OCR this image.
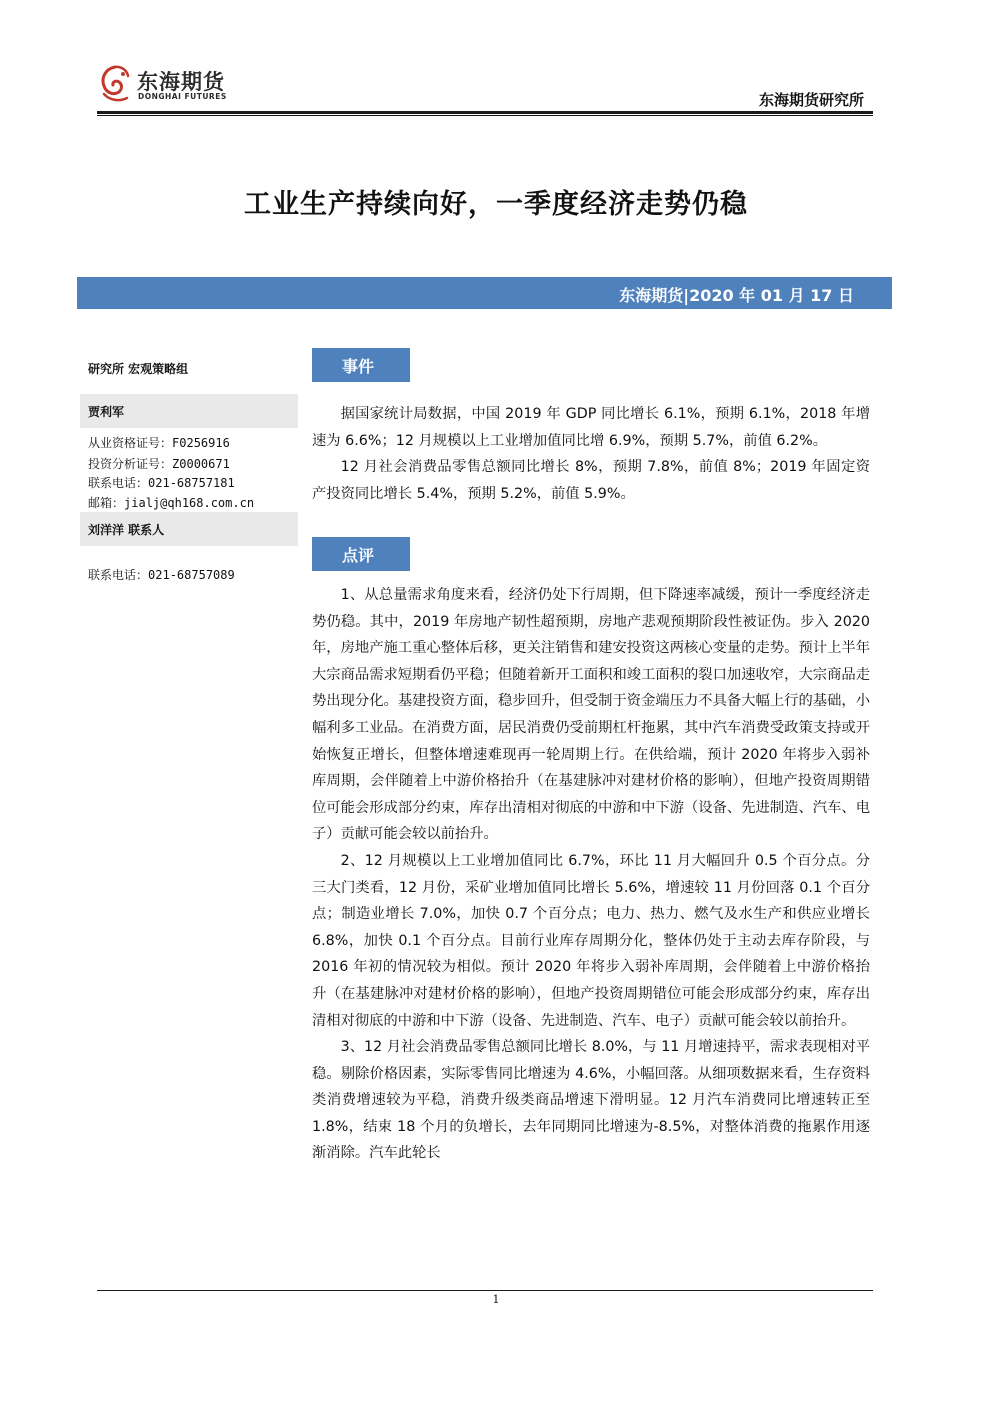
东海期货
DONGHAI FUTURES	东海期货研究所
工业生产持续向好，一季度经济走势仍稳
东海期货|2020 年 01 月 17 日
研究所 宏观策略组
贾利军
从业资格证号：F0256916
投资分析证号：Z0000671
联系电话：021-68757181
邮箱：jialj@qh168.com.cn
刘洋洋 联系人
联系电话：021-68757089
事件

据国家统计局数据，中国 2019 年 GDP 同比增长 6.1%，预期 6.1%，2018 年增速为 6.6%；12 月规模以上工业增加值同比增 6.9%，预期 5.7%，前值 6.2%。

12 月社会消费品零售总额同比增长 8%，预期 7.8%，前值 8%；2019 年固定资产投资同比增长 5.4%，预期 5.2%，前值 5.9%。

点评

1、从总量需求角度来看，经济仍处下行周期，但下降速率减缓，预计一季度经济走势仍稳。其中，2019 年房地产韧性超预期，房地产悲观预期阶段性被证伪。步入 2020 年，房地产施工重心整体后移，更关注销售和建安投资这两核心变量的走势。预计上半年大宗商品需求短期看仍平稳；但随着新开工面积和竣工面积的裂口加速收窄，大宗商品走势出现分化。基建投资方面，稳步回升，但受制于资金端压力不具备大幅上行的基础，小幅利多工业品。在消费方面，居民消费仍受前期杠杆拖累，其中汽车消费受政策支持或开始恢复正增长，但整体增速难现再一轮周期上行。在供给端，预计 2020 年将步入弱补库周期，会伴随着上中游价格抬升（在基建脉冲对建材价格的影响），但地产投资周期错位可能会形成部分约束，库存出清相对彻底的中游和中下游（设备、先进制造、汽车、电子）贡献可能会较以前抬升。

2、12 月规模以上工业增加值同比 6.7%，环比 11 月大幅回升 0.5 个百分点。分三大门类看，12 月份，采矿业增加值同比增长 5.6%，增速较 11 月份回落 0.1 个百分点；制造业增长 7.0%，加快 0.7 个百分点；电力、热力、燃气及水生产和供应业增长 6.8%，加快 0.1 个百分点。目前行业库存周期分化，整体仍处于主动去库存阶段，与 2016 年初的情况较为相似。预计 2020 年将步入弱补库周期，会伴随着上中游价格抬升（在基建脉冲对建材价格的影响），但地产投资周期错位可能会形成部分约束，库存出清相对彻底的中游和中下游（设备、先进制造、汽车、电子）贡献可能会较以前抬升。

3、12 月社会消费品零售总额同比增长 8.0%，与 11 月增速持平，需求表现相对平稳。剔除价格因素，实际零售同比增速为 4.6%，小幅回落。从细项数据来看，生存资料类消费增速较为平稳，消费升级类商品增速下滑明显。12 月汽车消费同比增速转正至 1.8%，结束 18 个月的负增长，去年同期同比增速为-8.5%，对整体消费的拖累作用逐渐消除。汽车此轮长

1
